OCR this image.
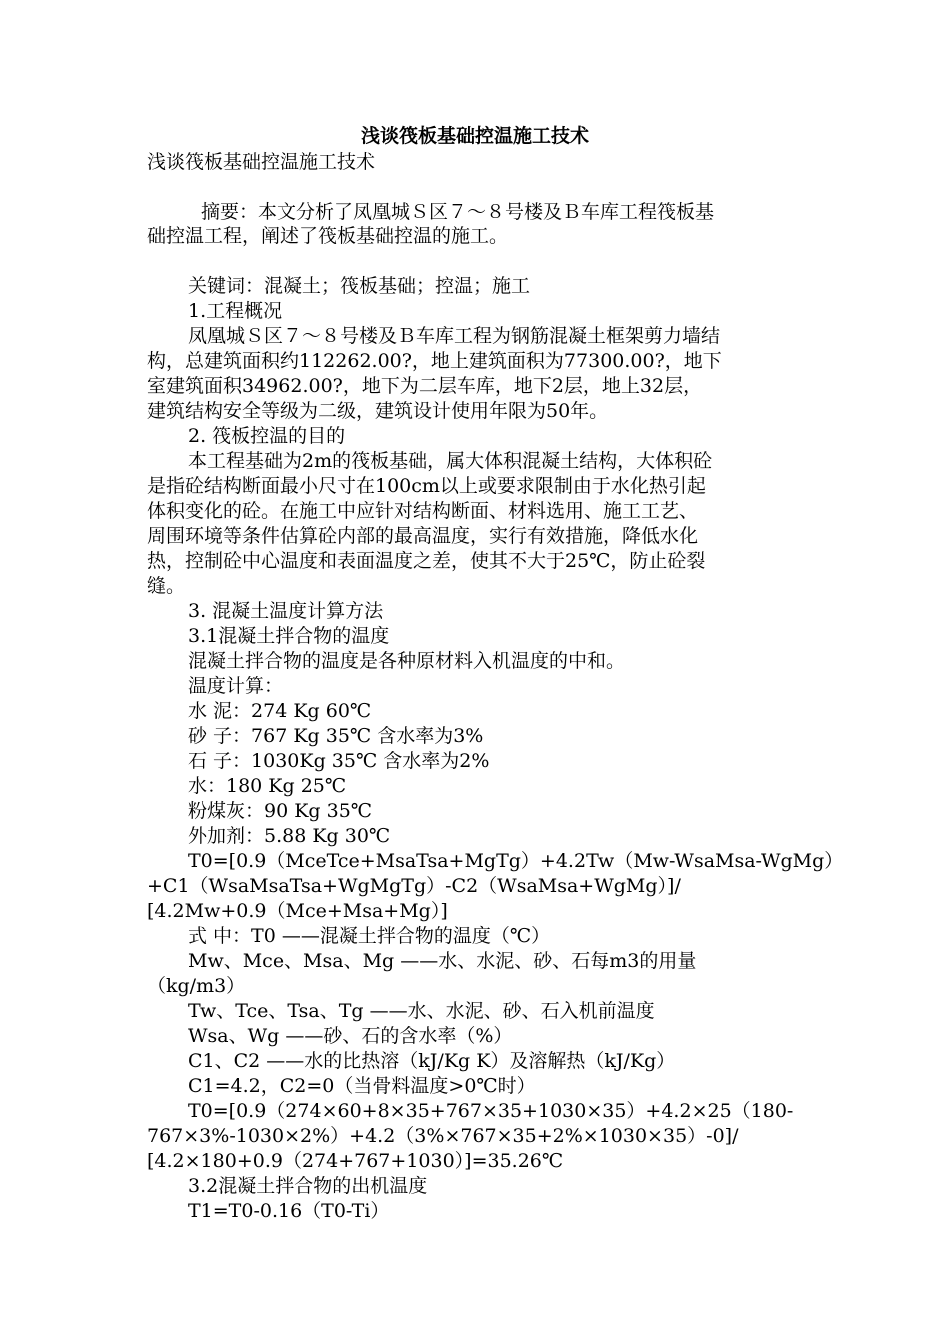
浅谈筏板基础控温施工技术
浅谈筏板基础控温施工技术
摘要：本文分析了凤凰城Ｓ区７～８号楼及Ｂ车库工程筏板基
础控温工程，阐述了筏板基础控温的施工。
关键词：混凝土；筏板基础；控温；施工
1.工程概况
凤凰城Ｓ区７～８号楼及Ｂ车库工程为钢筋混凝土框架剪力墙结
构，总建筑面积约112262.00?，地上建筑面积为77300.00?，地下
室建筑面积34962.00?，地下为二层车库，地下2层，地上32层，
建筑结构安全等级为二级，建筑设计使用年限为50年。
2. 筏板控温的目的
本工程基础为2m的筏板基础，属大体积混凝土结构，大体积砼
是指砼结构断面最小尺寸在100cm以上或要求限制由于水化热引起
体积变化的砼。在施工中应针对结构断面、材料选用、施工工艺、
周围环境等条件估算砼内部的最高温度，实行有效措施，降低水化
热，控制砼中心温度和表面温度之差，使其不大于25℃，防止砼裂
缝。
3. 混凝土温度计算方法
3.1混凝土拌合物的温度
混凝土拌合物的温度是各种原材料入机温度的中和。
温度计算：
水 泥：274 Kg 60℃
砂 子：767 Kg 35℃ 含水率为3%
石 子：1030Kg 35℃ 含水率为2%
水：180 Kg 25℃
粉煤灰：90 Kg 35℃
外加剂：5.88 Kg 30℃
T0=[0.9（MceTce+MsaTsa+MgTg）+4.2Tw（Mw-WsaMsa-WgMg）
+C1（WsaMsaTsa+WgMgTg）-C2（WsaMsa+WgMg）]/
[4.2Mw+0.9（Mce+Msa+Mg）]
式 中：T0 ——混凝土拌合物的温度（℃）
Mw、Mce、Msa、Mg ——水、水泥、砂、石每m3的用量
（kg/m3）
Tw、Tce、Tsa、Tg ——水、水泥、砂、石入机前温度
Wsa、Wg ——砂、石的含水率（%）
C1、C2 ——水的比热溶（kJ/Kg K）及溶解热（kJ/Kg）
C1=4.2，C2=0（当骨料温度>0℃时）
T0=[0.9（274×60+8×35+767×35+1030×35）+4.2×25（180-
767×3%-1030×2%）+4.2（3%×767×35+2%×1030×35）-0]/
[4.2×180+0.9（274+767+1030）]=35.26℃
3.2混凝土拌合物的出机温度
T1=T0-0.16（T0-Ti）
